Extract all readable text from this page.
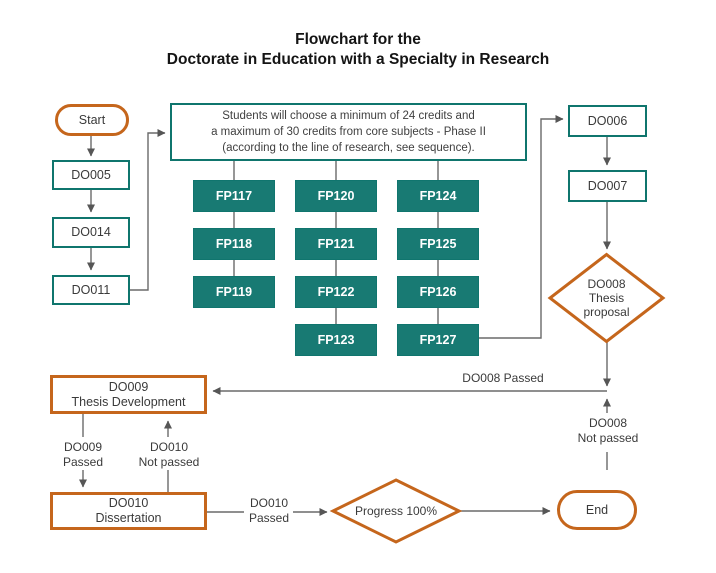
Flowchart for the
Doctorate in Education with a Specialty in Research
Start
DO005
DO014
DO011
Students will choose a minimum of 24 credits and
a maximum of 30 credits from core subjects - Phase II
(according to the line of research, see sequence).
FP117
FP118
FP119
FP120
FP121
FP122
FP123
FP124
FP125
FP126
FP127
DO006
DO007
DO008
Thesis
proposal
DO009
Thesis Development
DO010
Dissertation	Progress 100%	End
DO008 Passed
DO008
Not passed
DO009
Passed
DO010
Not passed
DO010
Passed
